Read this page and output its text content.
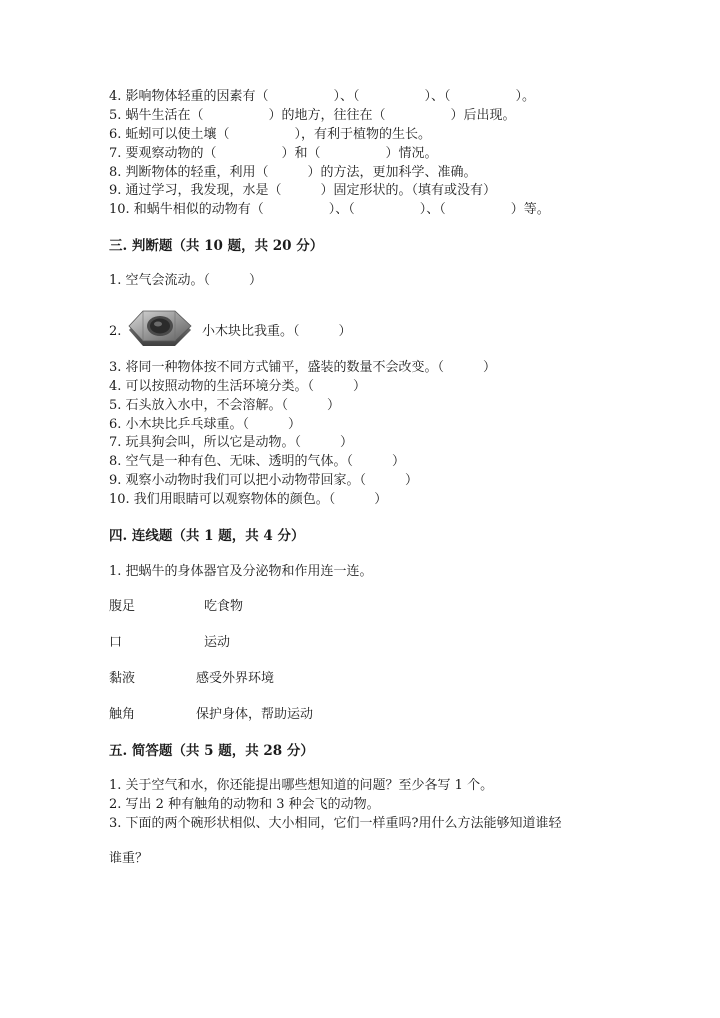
4. 影响物体轻重的因素有（　　　　　）、（　　　　　）、（　　　　　）。
5. 蜗牛生活在（　　　　　）的地方，往往在（　　　　　）后出现。
6. 蚯蚓可以使土壤（　　　　　），有利于植物的生长。
7. 要观察动物的（　　　　　）和（　　　　　）情况。
8. 判断物体的轻重，利用（　　　）的方法，更加科学、准确。
9. 通过学习，我发现，水是（　　　）固定形状的。（填有或没有）
10. 和蜗牛相似的动物有（　　　　　）、（　　　　　）、（　　　　　）等。
三. 判断题（共 10 题，共 20 分）
1. 空气会流动。（　　　）
2.	小木块比我重。（　　　）
3. 将同一种物体按不同方式铺平，盛装的数量不会改变。（　　　）
4. 可以按照动物的生活环境分类。（　　　）
5. 石头放入水中，不会溶解。（　　　）
6. 小木块比乒乓球重。（　　　）
7. 玩具狗会叫，所以它是动物。（　　　）
8. 空气是一种有色、无味、透明的气体。（　　　）
9. 观察小动物时我们可以把小动物带回家。（　　　）
10. 我们用眼睛可以观察物体的颜色。（　　　）
四. 连线题（共 1 题，共 4 分）
1. 把蜗牛的身体器官及分泌物和作用连一连。
腹足	吃食物
口	运动
黏液	感受外界环境
触角	保护身体，帮助运动
五. 简答题（共 5 题，共 28 分）
1. 关于空气和水，你还能提出哪些想知道的问题？至少各写 1 个。
2. 写出 2 种有触角的动物和 3 种会飞的动物。
3. 下面的两个碗形状相似、大小相同，它们一样重吗?用什么方法能够知道谁轻
谁重？
